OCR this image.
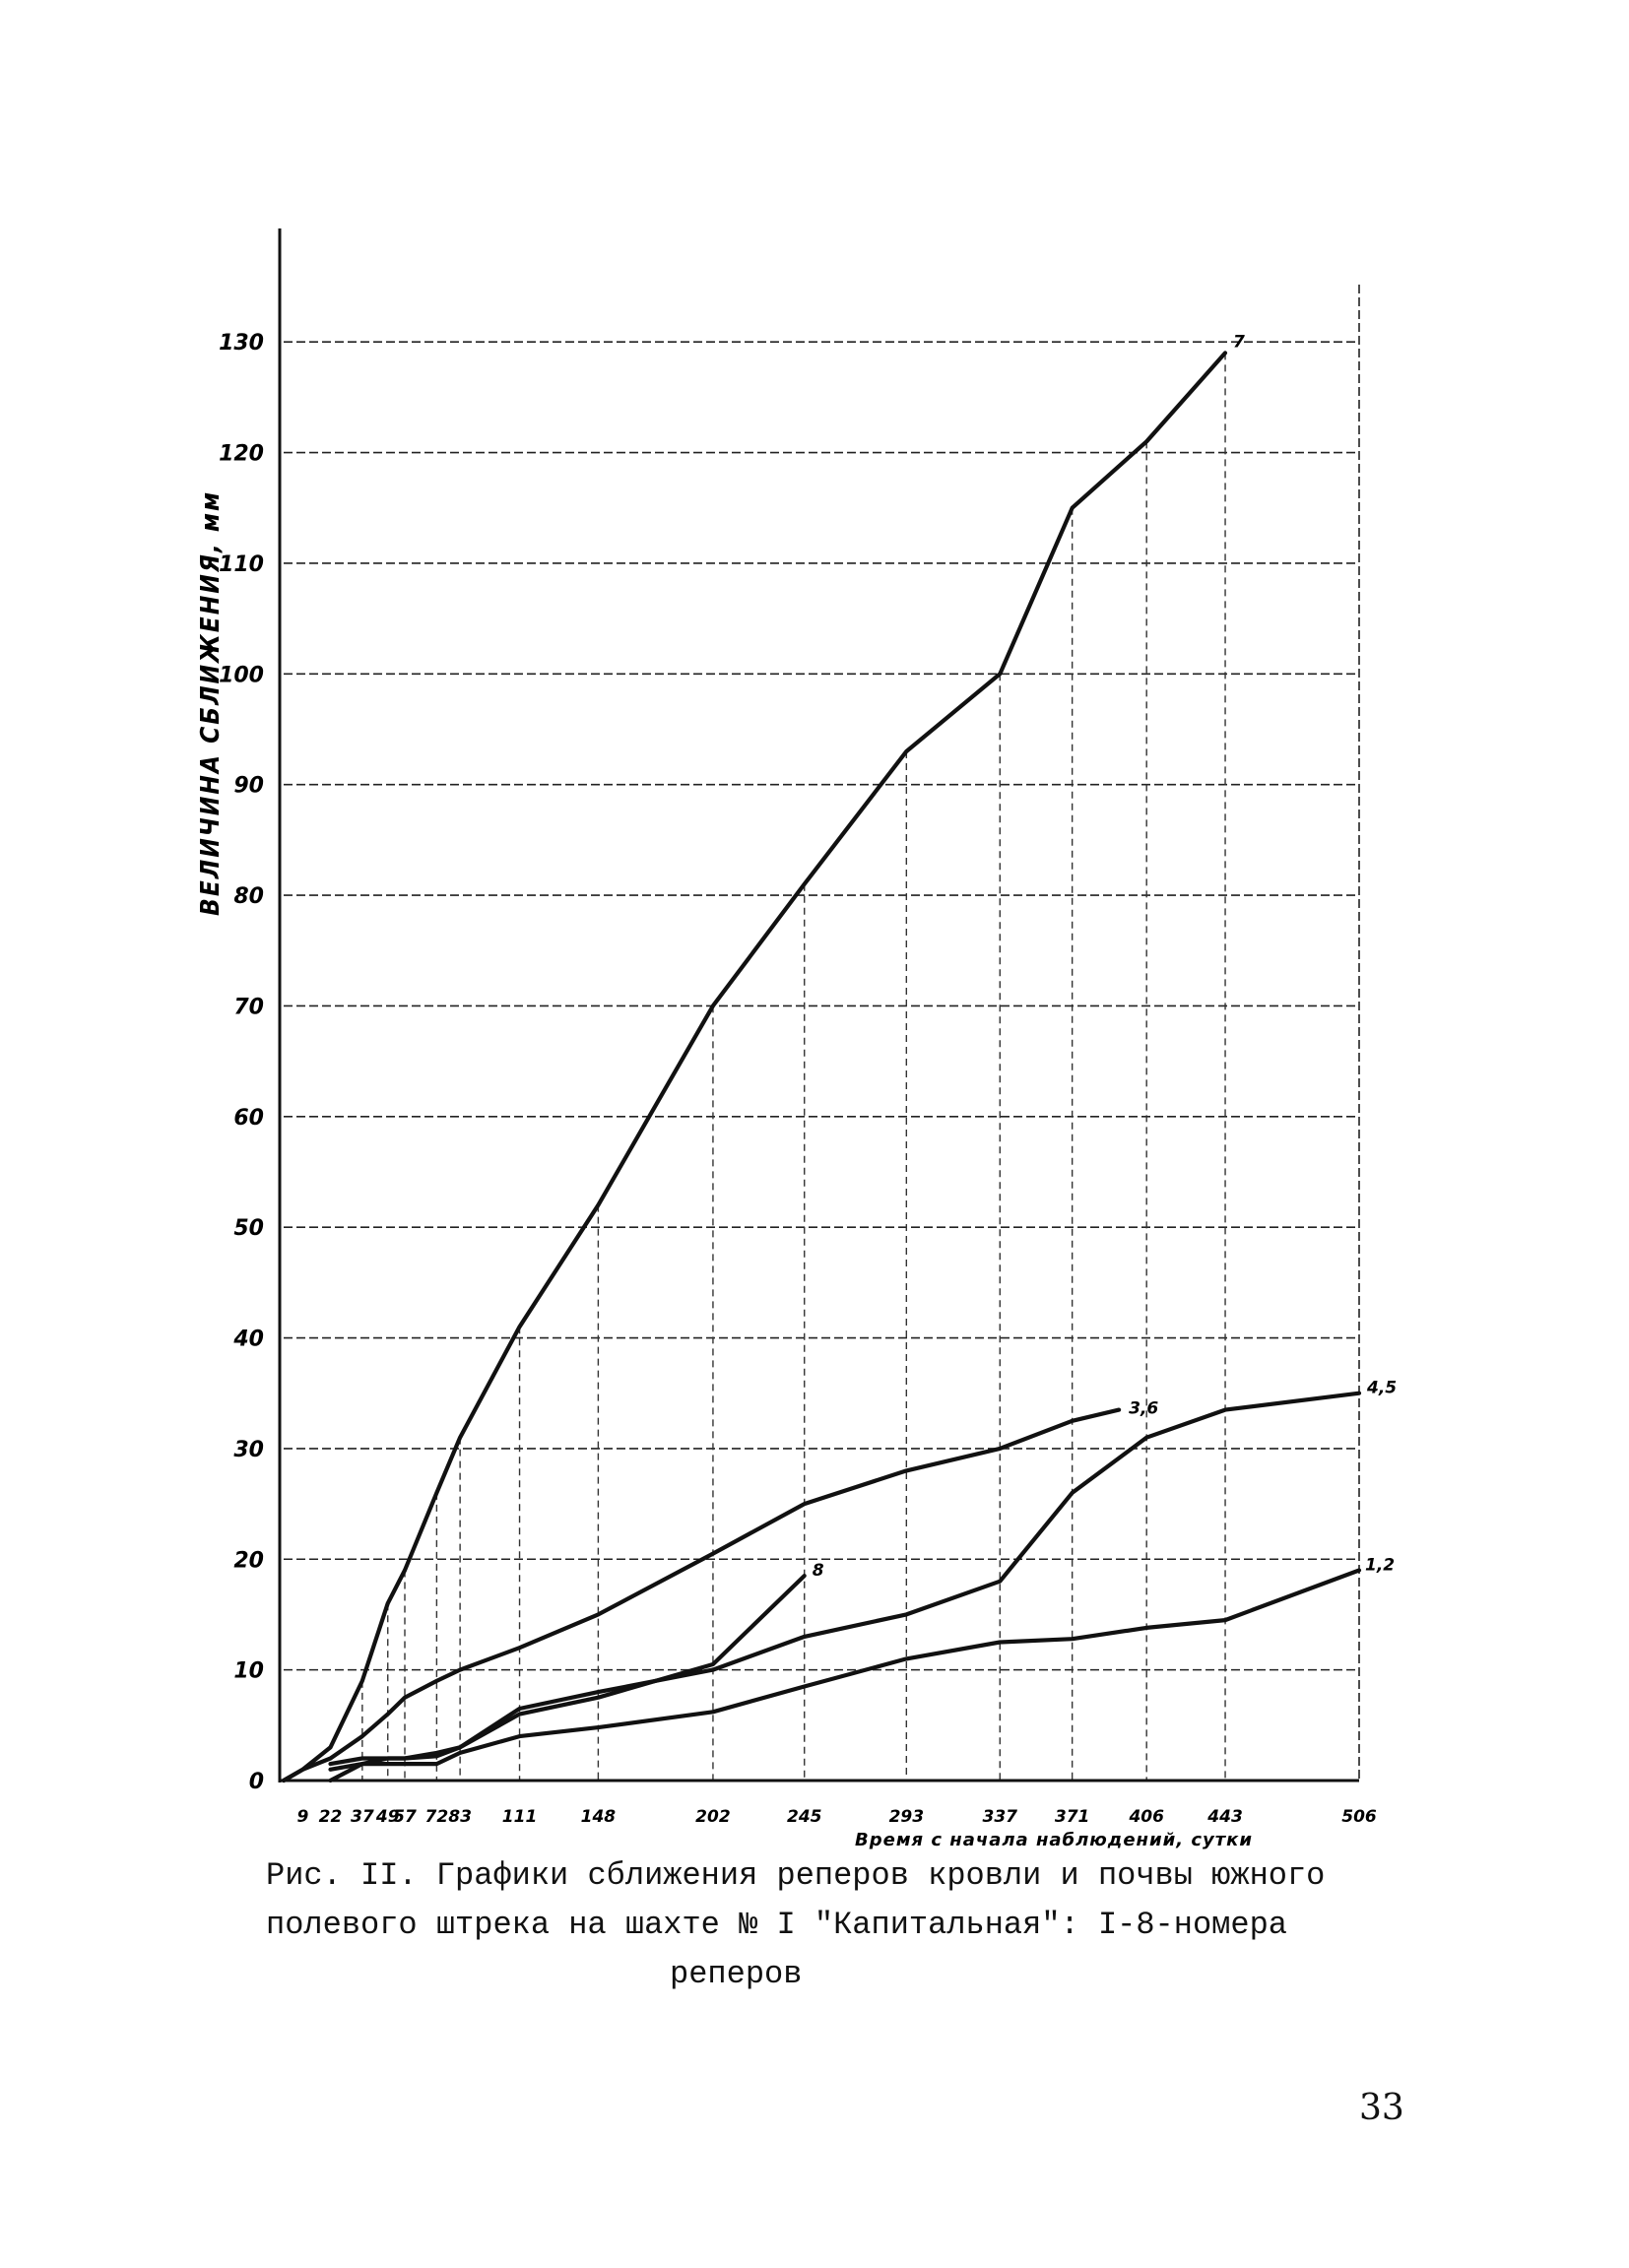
0
10
20
30
40
50
60
70
80
90
100
110
120
130
9 22 37 49
57 72 83 111	148	202	245	293	337 371 406	443	506
7
3,6
4,5
1,2
8
ВЕЛИЧИНА СБЛИЖЕНИЯ, мм
Время с начала наблюдений, сутки
Рис. II. Графики сближения реперов кровли и почвы южного
полевого штрека на шахте № I "Капитальная": I-8-номера
реперов
33
